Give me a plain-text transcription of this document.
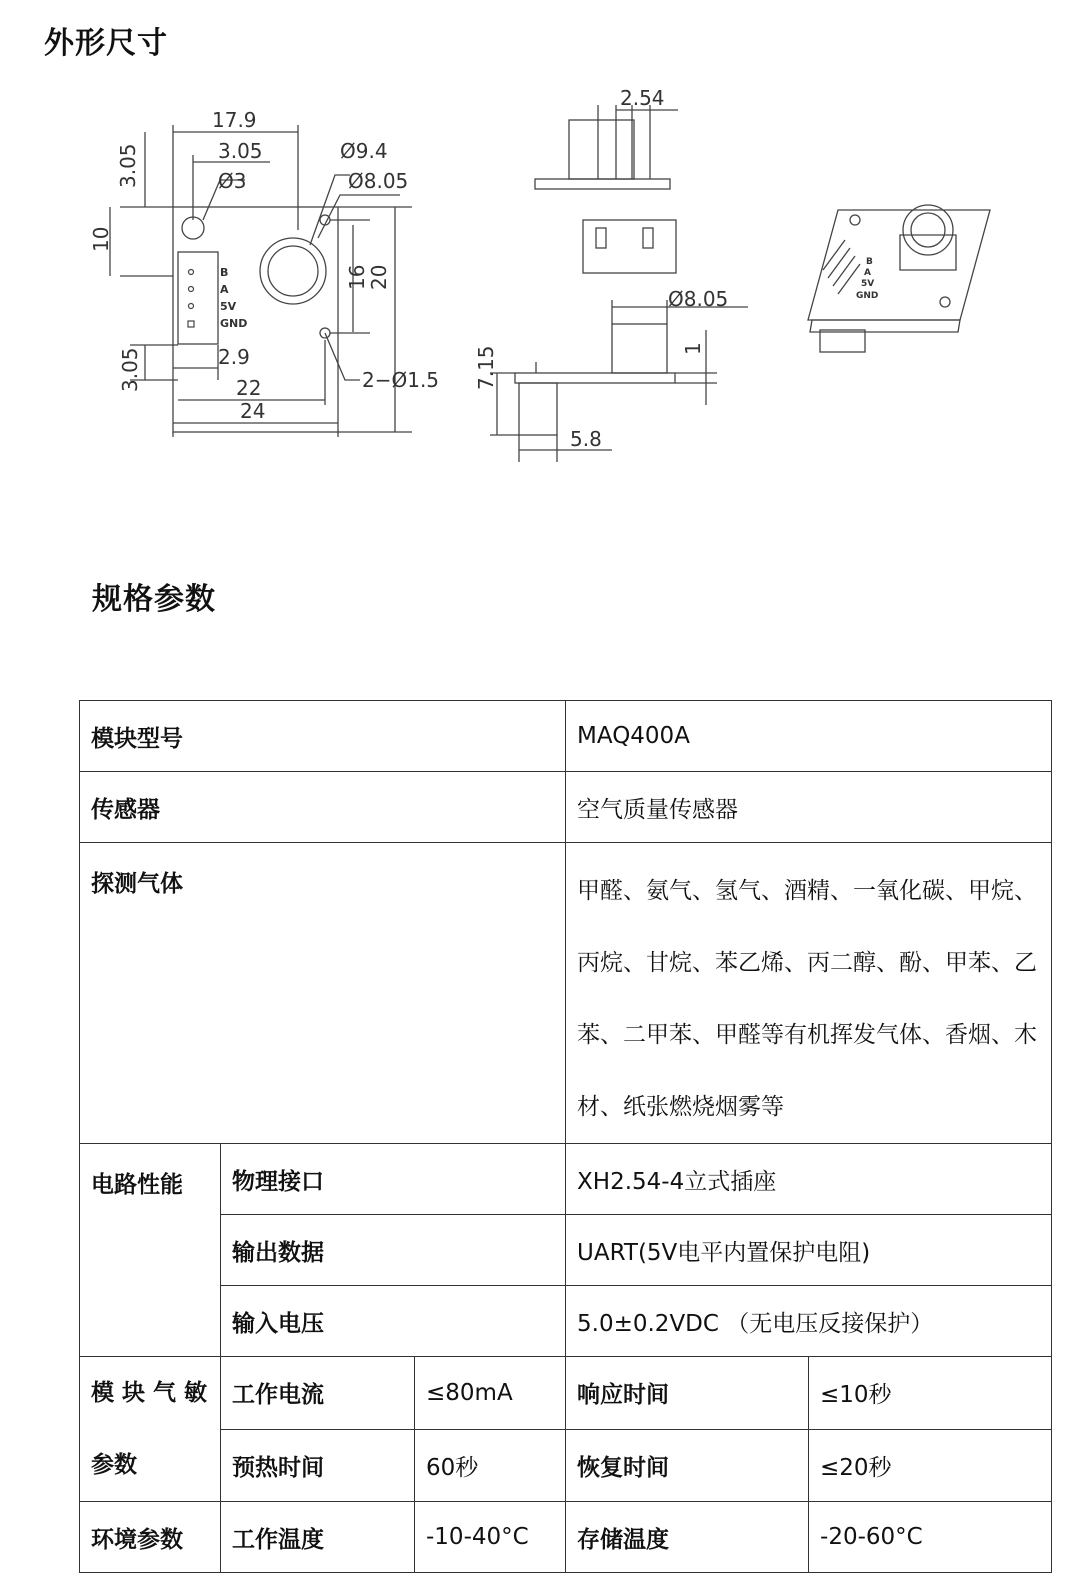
外形尺寸
17.9
3.05
Ø3
Ø9.4
Ø8.05
3.05
10
16
20
3.05	2.9
22
24
2−Ø1.5
2.54
Ø8.05
7.15	1
5.8
B
A
5V
GND
B
A
5V
GND
规格参数
模块型号			MAQ400A	
传感器			空气质量传感器	
探测气体			甲醛、氨气、氢气、酒精、一氧化碳、甲烷、丙烷、甘烷、苯乙烯、丙二醇、酚、甲苯、乙苯、二甲苯、甲醛等有机挥发气体、香烟、木材、纸张燃烧烟雾等	
电路性能	物理接口		XH2.54-4立式插座	
	输出数据		UART(5V电平内置保护电阻)	
	输入电压		5.0±0.2VDC （无电压反接保护）	
模 块 气 敏 参数	工作电流	≤80mA	响应时间	≤10秒
	预热时间	60秒	恢复时间	≤20秒
环境参数	工作温度	-10-40°C	存储温度	-20-60°C
